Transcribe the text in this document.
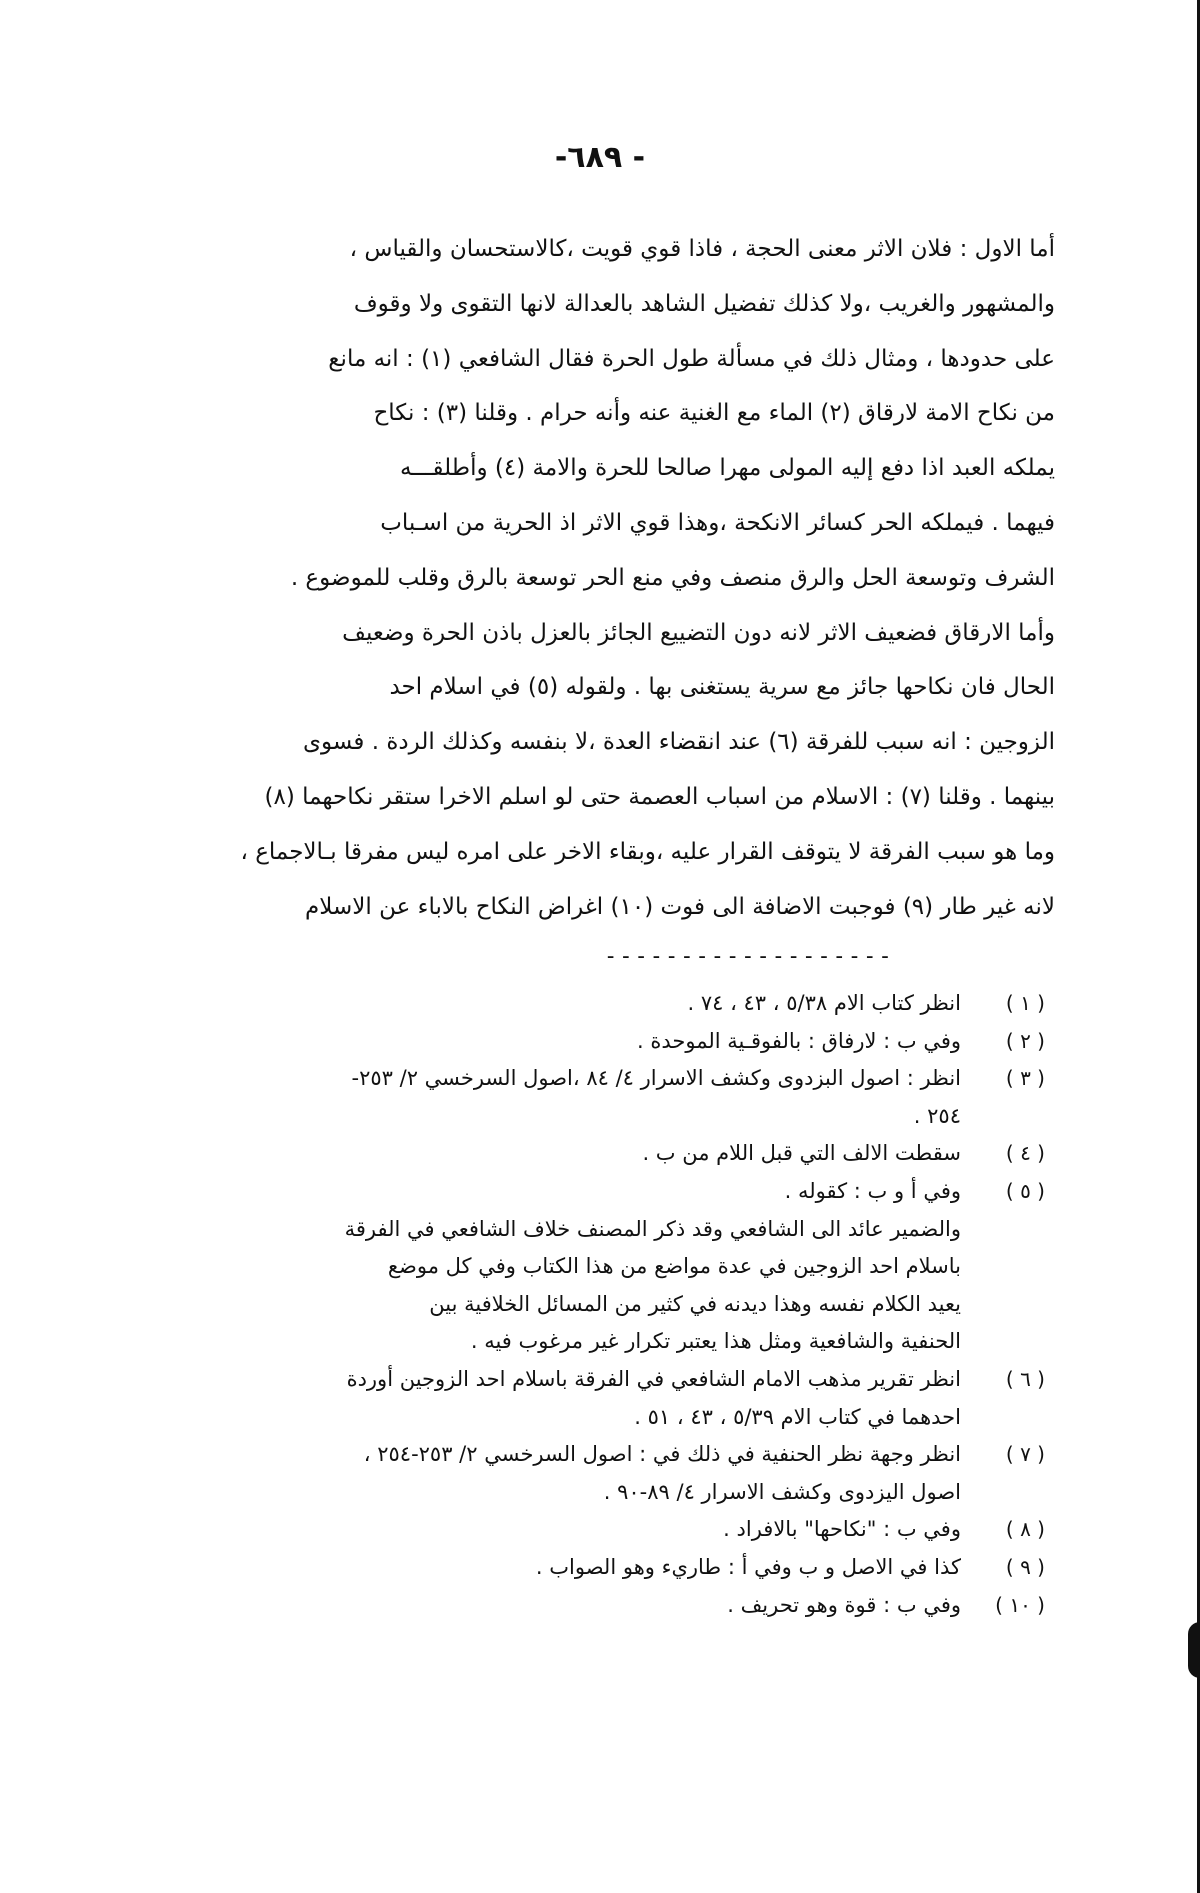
- ٦٨٩-
أما الاول : فلان الاثر معنى الحجة ، فاذا قوي قويت ،كالاستحسان والقياس ،
والمشهور والغريب ،ولا كذلك تفضيل الشاهد بالعدالة لانها التقوى ولا وقوف
على حدودها ، ومثال ذلك في مسألة طول الحرة فقال الشافعي (١) : انه مانع
من نكاح الامة لارقاق (٢) الماء مع الغنية عنه وأنه حرام . وقلنا (٣) : نكاح
يملكه العبد اذا دفع إليه المولى مهرا صالحا للحرة والامة (٤) وأطلقـــه
فيهما . فيملكه الحر كسائر الانكحة ،وهذا قوي الاثر اذ الحرية من اسـباب
الشرف وتوسعة الحل والرق منصف وفي منع الحر توسعة بالرق وقلب للموضوع .
وأما الارقاق فضعيف الاثر لانه دون التضييع الجائز بالعزل باذن الحرة وضعيف
الحال فان نكاحها جائز مع سرية يستغنى بها . ولقوله (٥) في اسلام احد
الزوجين : انه سبب للفرقة (٦) عند انقضاء العدة ،لا بنفسه وكذلك الردة . فسوى
بينهما . وقلنا (٧) : الاسلام من اسباب العصمة حتى لو اسلم الاخرا ستقر نكاحهما (٨)
وما هو سبب الفرقة لا يتوقف القرار عليه ،وبقاء الاخر على امره ليس مفرقا بـالاجماع ،
لانه غير طار (٩) فوجبت الاضافة الى فوت (١٠) اغراض النكاح بالاباء عن الاسلام
-------------------
( ١ )
انظر كتاب الام ٥/٣٨ ، ٤٣ ، ٧٤ .
( ٢ )
وفي ب : لارفاق : بالفوقـية الموحدة .
( ٣ )
انظر : اصول البزدوى وكشف الاسرار ٤/ ٨٤ ،اصول السرخسي ٢/ ٢٥٣-
٢٥٤ .
( ٤ )
سقطت الالف التي قبل اللام من ب .
( ٥ )
وفي أ و ب : كقوله .
والضمير عائد الى الشافعي وقد ذكر المصنف خلاف الشافعي في الفرقة
باسلام احد الزوجين في عدة مواضع من هذا الكتاب وفي كل موضع
يعيد الكلام نفسه وهذا ديدنه في كثير من المسائل الخلافية بين
الحنفية والشافعية ومثل هذا يعتبر تكرار غير مرغوب فيه .
( ٦ )
انظر تقرير مذهب الامام الشافعي في الفرقة باسلام احد الزوجين أوردة
احدهما في كتاب الام ٥/٣٩ ، ٤٣ ، ٥١ .
( ٧ )
انظر وجهة نظر الحنفية في ذلك في : اصول السرخسي ٢/ ٢٥٣-٢٥٤ ،
اصول اليزدوى وكشف الاسرار ٤/ ٨٩-٩٠ .
( ٨ )
وفي ب : "نكاحها" بالافراد .
( ٩ )
كذا في الاصل و ب وفي أ : طاريء وهو الصواب .
( ١٠ )
وفي ب : قوة وهو تحريف .
